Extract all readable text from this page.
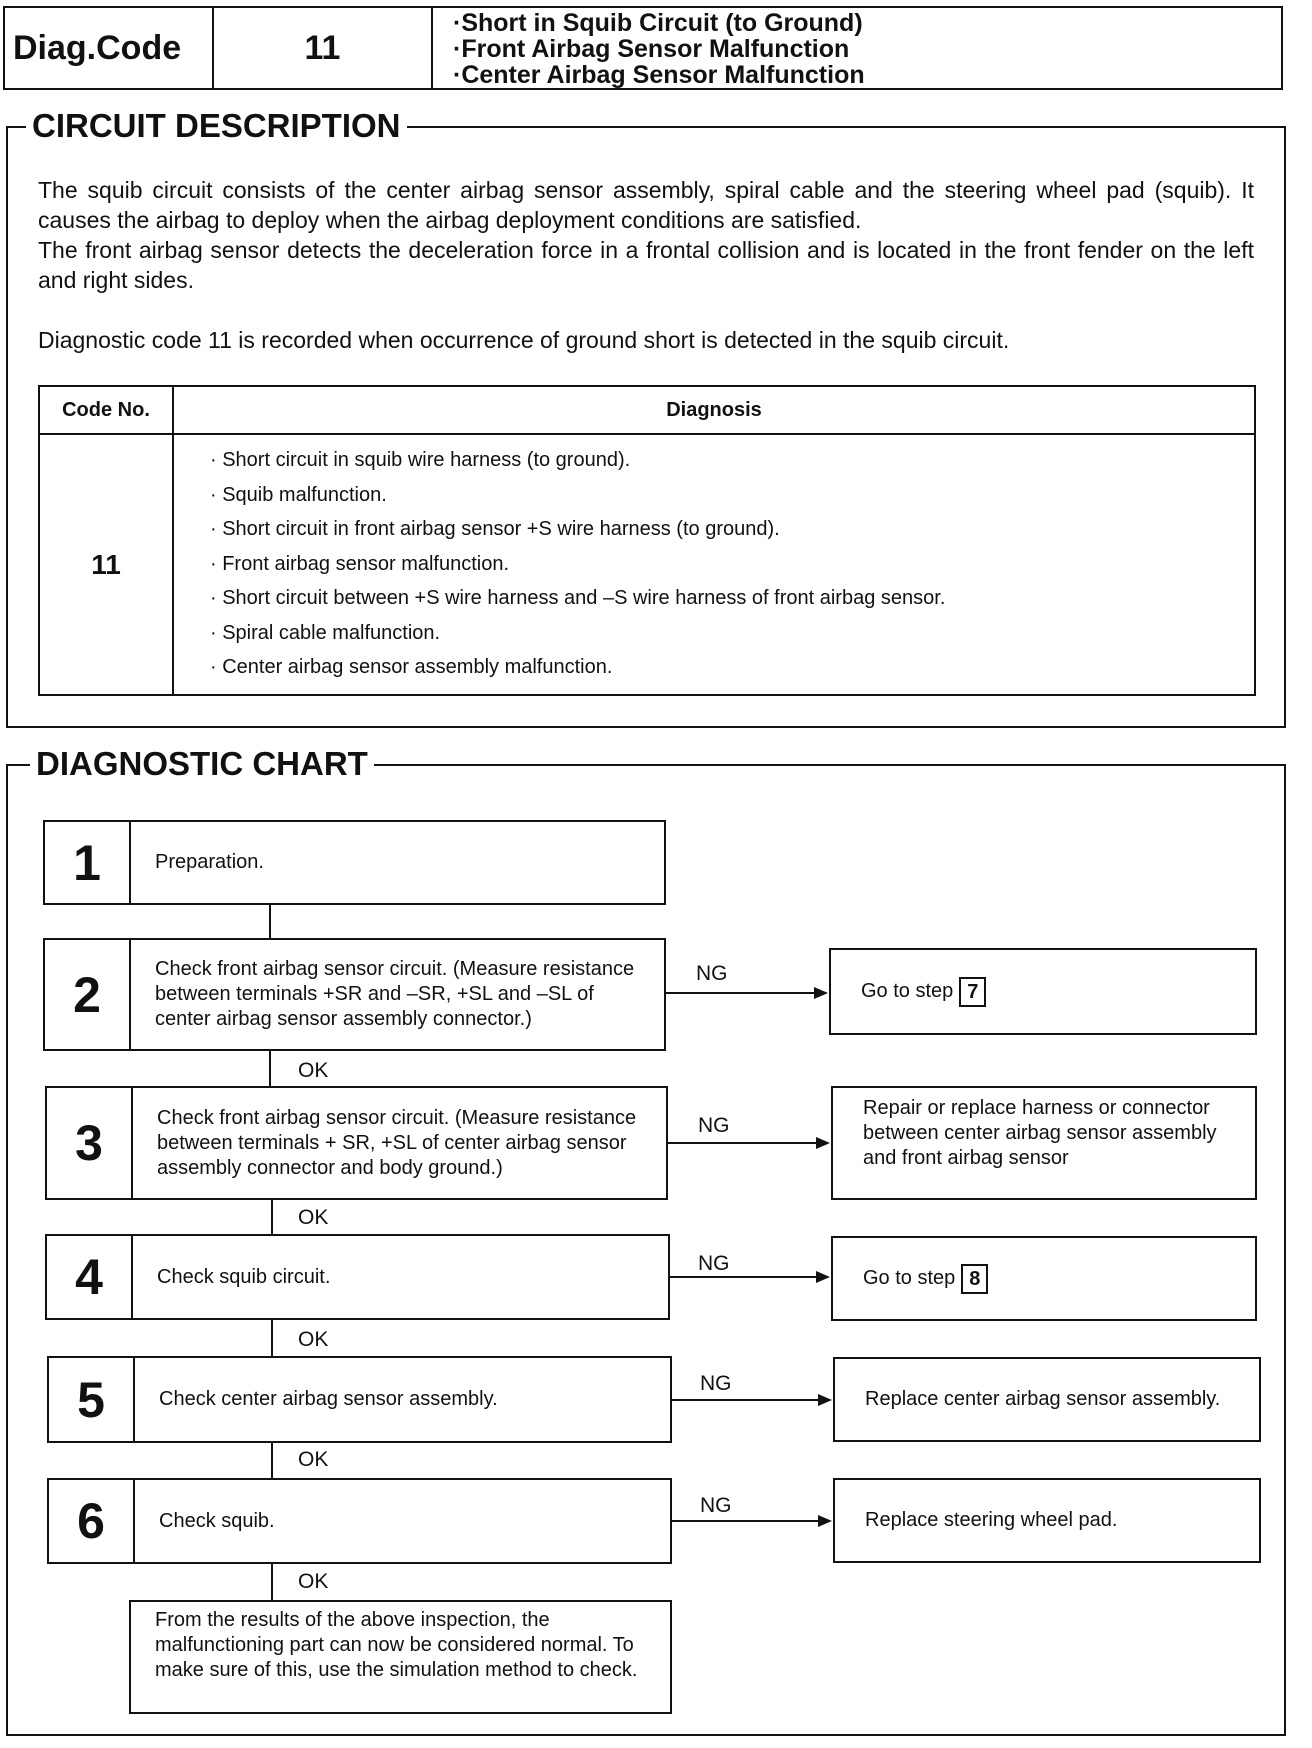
Diag.Code	11
·Short in Squib Circuit (to Ground)
·Front Airbag Sensor Malfunction
·Center Airbag Sensor Malfunction
CIRCUIT DESCRIPTION
The squib circuit consists of the center airbag sensor assembly, spiral cable and the steering wheel pad (squib). It causes the airbag to deploy when the airbag deployment conditions are satisfied.
The front airbag sensor detects the deceleration force in a frontal collision and is located in the front fender on the left and right sides.
Diagnostic code 11 is recorded when occurrence of ground short is detected in the squib circuit.
Code No.	Diagnosis
11
· Short circuit in squib wire harness (to ground).
· Squib malfunction.
· Short circuit in front airbag sensor +S wire harness (to ground).
· Front airbag sensor malfunction.
· Short circuit between +S wire harness and –S wire harness of front airbag sensor.
· Spiral cable malfunction.
· Center airbag sensor assembly malfunction.
DIAGNOSTIC CHART
1	Preparation.
2	Check front airbag sensor circuit. (Measure resistance between terminals +SR and –SR, +SL and –SL of center airbag sensor assembly connector.)
NG
Go to step 7
OK
3	Check front airbag sensor circuit. (Measure resistance between terminals + SR, +SL of center airbag sensor assembly connector and body ground.)
NG
Repair or replace harness or connector between center airbag sensor assembly and front airbag sensor
OK
4	Check squib circuit.
NG
Go to step 8
OK
5	Check center airbag sensor assembly.
NG
Replace center airbag sensor assembly.
OK
6	Check squib.
NG
Replace steering wheel pad.
OK
From the results of the above inspection, the malfunctioning part can now be considered normal. To make sure of this, use the simulation method to check.
